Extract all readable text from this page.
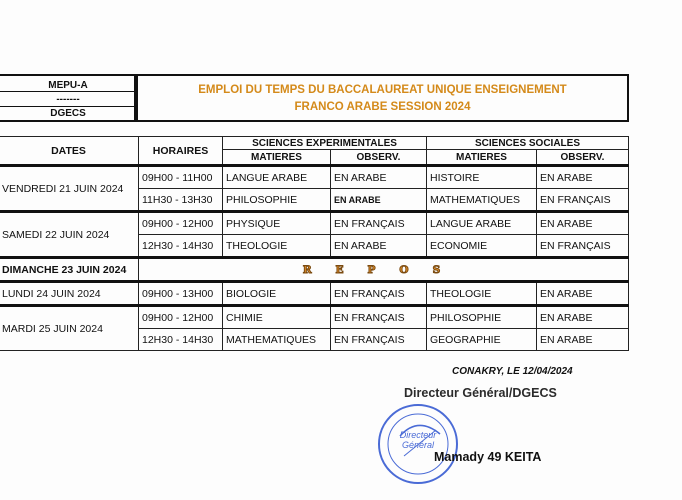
MEPU-A
-------
DGECS
EMPLOI DU TEMPS DU BACCALAUREAT UNIQUE ENSEIGNEMENT
FRANCO ARABE SESSION 2024
DATES	HORAIRES	SCIENCES EXPERIMENTALES		SCIENCES SOCIALES	
		MATIERES	OBSERV.	MATIERES	OBSERV.
VENDREDI 21 JUIN 2024	09H00 - 11H00	LANGUE ARABE	EN ARABE	HISTOIRE	EN ARABE
	11H30 - 13H30	PHILOSOPHIE	EN ARABE	MATHEMATIQUES	EN FRANÇAIS
SAMEDI 22 JUIN 2024	09H00 - 12H00	PHYSIQUE	EN FRANÇAIS	LANGUE ARABE	EN ARABE
	12H30 - 14H30	THEOLOGIE	EN ARABE	ECONOMIE	EN FRANÇAIS
DIMANCHE 23 JUIN 2024	REPOS				
LUNDI 24 JUIN 2024	09H00 - 13H00	BIOLOGIE	EN FRANÇAIS	THEOLOGIE	EN ARABE
MARDI 25 JUIN 2024	09H00 - 12H00	CHIMIE	EN FRANÇAIS	PHILOSOPHIE	EN ARABE
	12H30 - 14H30	MATHEMATIQUES	EN FRANÇAIS	GEOGRAPHIE	EN ARABE
CONAKRY, LE 12/04/2024
Directeur Général/DGECS
Directeur Général
Mamady 49 KEITA
